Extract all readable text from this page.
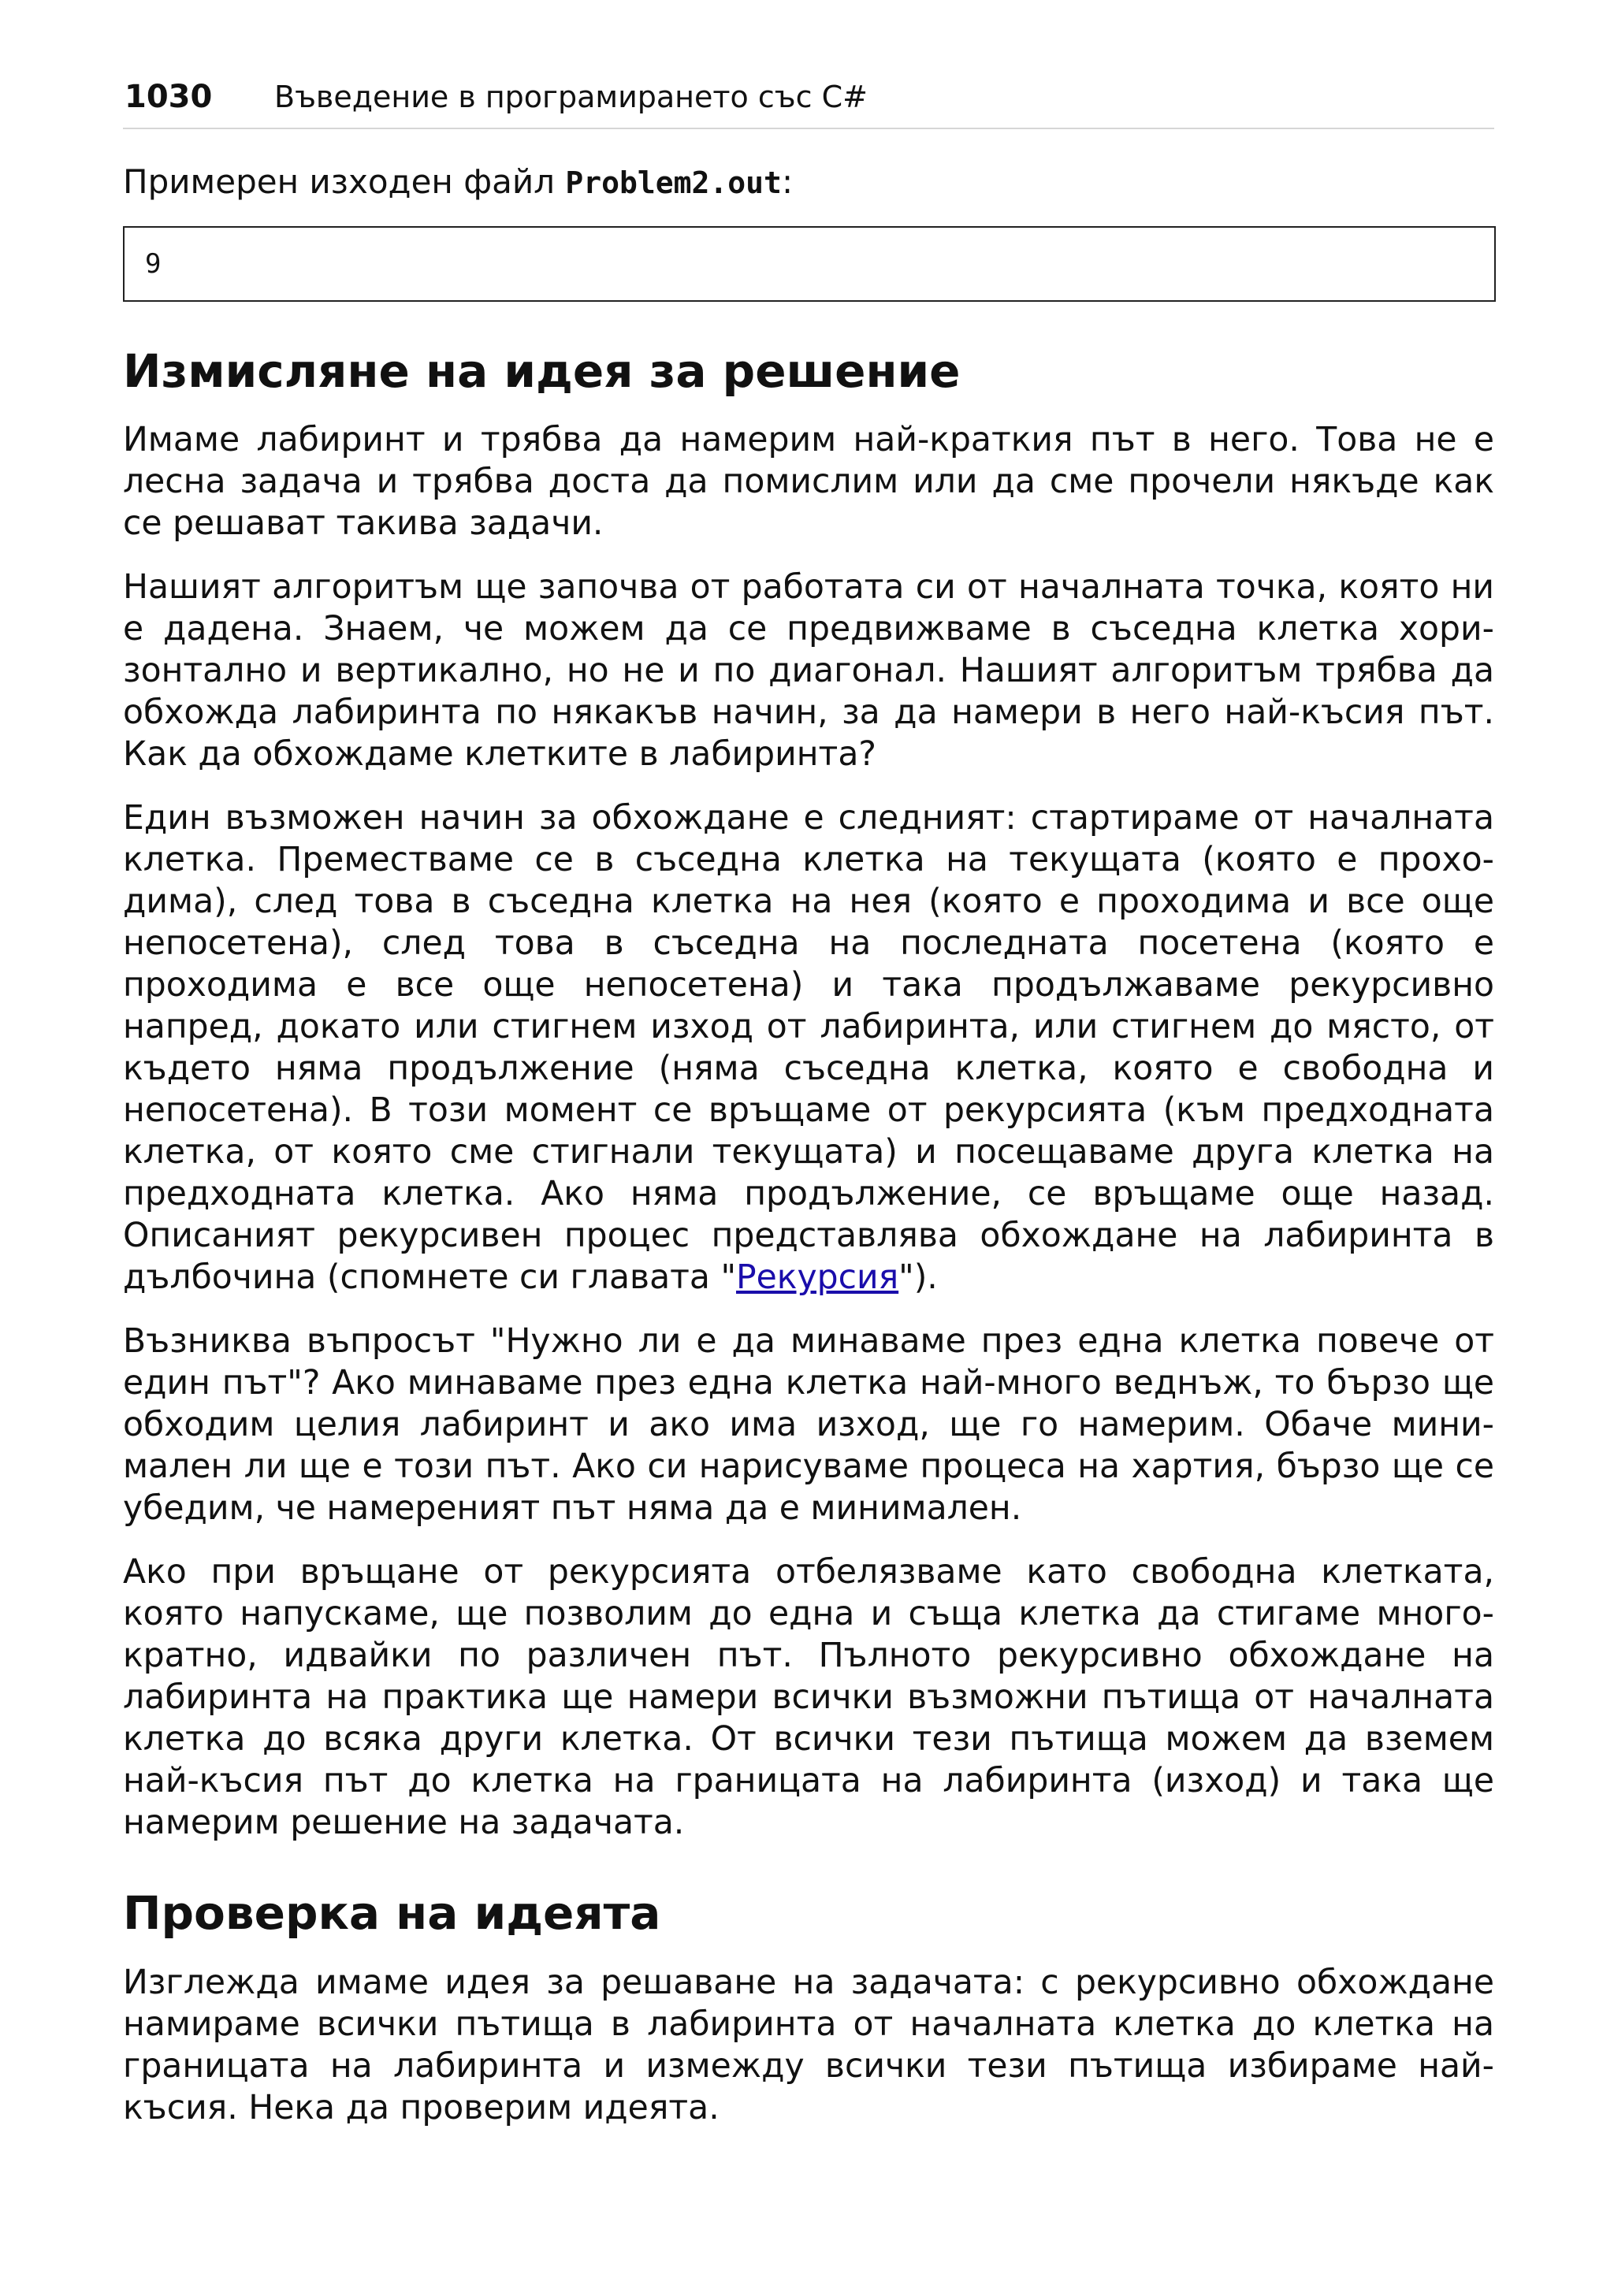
1030	Въведение в програмирането със C#
Примерен изходен файл Problem2.out:
9
Измисляне на идея за решение

Имаме лабиринт и трябва да намерим най-краткия път в него. Това не е лесна задача и трябва доста да помислим или да сме прочели някъде как се решават такива задачи.

Нашият алгоритъм ще започва от работата си от началната точка, която ни е дадена. Знаем, че можем да се предвижваме в съседна клетка хоризонтално и вертикално, но не и по диагонал. Нашият алгоритъм трябва да обхожда лабиринта по някакъв начин, за да намери в него най-късия път. Как да обхождаме клетките в лабиринта?

Един възможен начин за обхождане е следният: стартираме от началната клетка. Преместваме се в съседна клетка на текущата (която е проходима), след това в съседна клетка на нея (която е проходима и все още непосетена), след това в съседна на последната посетена (която е проходима е все още непосетена) и така продължаваме рекурсивно напред, докато или стигнем изход от лабиринта, или стигнем до място, от където няма продължение (няма съседна клетка, която е свободна и непосетена). В този момент се връщаме от рекурсията (към предходната клетка, от която сме стигнали текущата) и посещаваме друга клетка на предходната клетка. Ако няма продължение, се връщаме още назад. Описаният рекурсивен процес представлява обхождане на лабиринта в дълбочина (спомнете си главата "Рекурсия").

Възниква въпросът "Нужно ли е да минаваме през една клетка повече от един път"? Ако минаваме през една клетка най-много веднъж, то бързо ще обходим целия лабиринт и ако има изход, ще го намерим. Обаче минимален ли ще е този път. Ако си нарисуваме процеса на хартия, бързо ще се убедим, че намереният път няма да е минимален.

Ако при връщане от рекурсията отбелязваме като свободна клетката, която напускаме, ще позволим до една и съща клетка да стигаме многократно, идвайки по различен път. Пълното рекурсивно обхождане на лабиринта на практика ще намери всички възможни пътища от началната клетка до всяка други клетка. От всички тези пътища можем да вземем най-късия път до клетка на границата на лабиринта (изход) и така ще намерим решение на задачата.

Проверка на идеята

Изглежда имаме идея за решаване на задачата: с рекурсивно обхождане намираме всички пътища в лабиринта от началната клетка до клетка на границата на лабиринта и измежду всички тези пътища избираме най-късия. Нека да проверим идеята.
